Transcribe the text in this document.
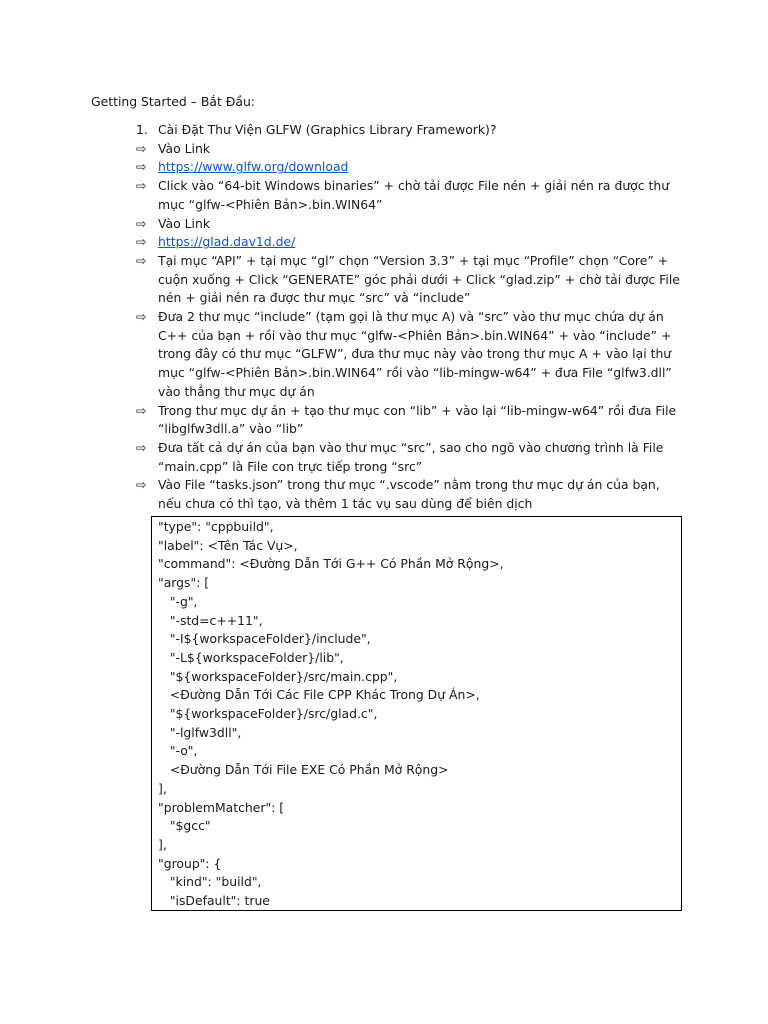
Getting Started – Bắt Đầu:
1. Cài Đặt Thư Viện GLFW (Graphics Library Framework)?
⇨ Vào Link
⇨ https://www.glfw.org/download
⇨ Click vào “64-bit Windows binaries” + chờ tải được File nén + giải nén ra được thư mục “glfw-<Phiên Bản>.bin.WIN64”
⇨ Vào Link
⇨ https://glad.dav1d.de/
⇨ Tại mục “API” + tại mục “gl” chọn “Version 3.3” + tại mục “Profile” chọn “Core” + cuộn xuống + Click “GENERATE” góc phải dưới + Click “glad.zip” + chờ tải được File nén + giải nén ra được thư mục “src” và “include”
⇨ Đưa 2 thư mục “include” (tạm gọi là thư mục A) và “src” vào thư mục chứa dự án C++ của bạn + rồi vào thư mục “glfw-<Phiên Bản>.bin.WIN64” + vào “include” + trong đây có thư mục “GLFW”, đưa thư mục này vào trong thư mục A + vào lại thư mục “glfw-<Phiên Bản>.bin.WIN64” rồi vào “lib-mingw-w64” + đưa File “glfw3.dll” vào thẳng thư mục dự án
⇨ Trong thư mục dự án + tạo thư mục con “lib” + vào lại “lib-mingw-w64” rồi đưa File “libglfw3dll.a” vào “lib”
⇨ Đưa tất cả dự án của bạn vào thư mục “src”, sao cho ngõ vào chương trình là File “main.cpp” là File con trực tiếp trong “src”
⇨ Vào File “tasks.json” trong thư mục “.vscode” nằm trong thư mục dự án của bạn, nếu chưa có thì tạo, và thêm 1 tác vụ sau dùng để biên dịch
"type": "cppbuild",
"label": <Tên Tác Vụ>,
"command": <Đường Dẫn Tới G++ Có Phần Mở Rộng>,
"args": [
"-g",
"-std=c++11",
"-I${workspaceFolder}/include",
"-L${workspaceFolder}/lib",
"${workspaceFolder}/src/main.cpp",
<Đường Dẫn Tới Các File CPP Khác Trong Dự Án>,
"${workspaceFolder}/src/glad.c",
"-lglfw3dll",
"-o",
<Đường Dẫn Tới File EXE Có Phần Mở Rộng>
],
"problemMatcher": [
"$gcc"
],
"group": {
"kind": "build",
"isDefault": true
